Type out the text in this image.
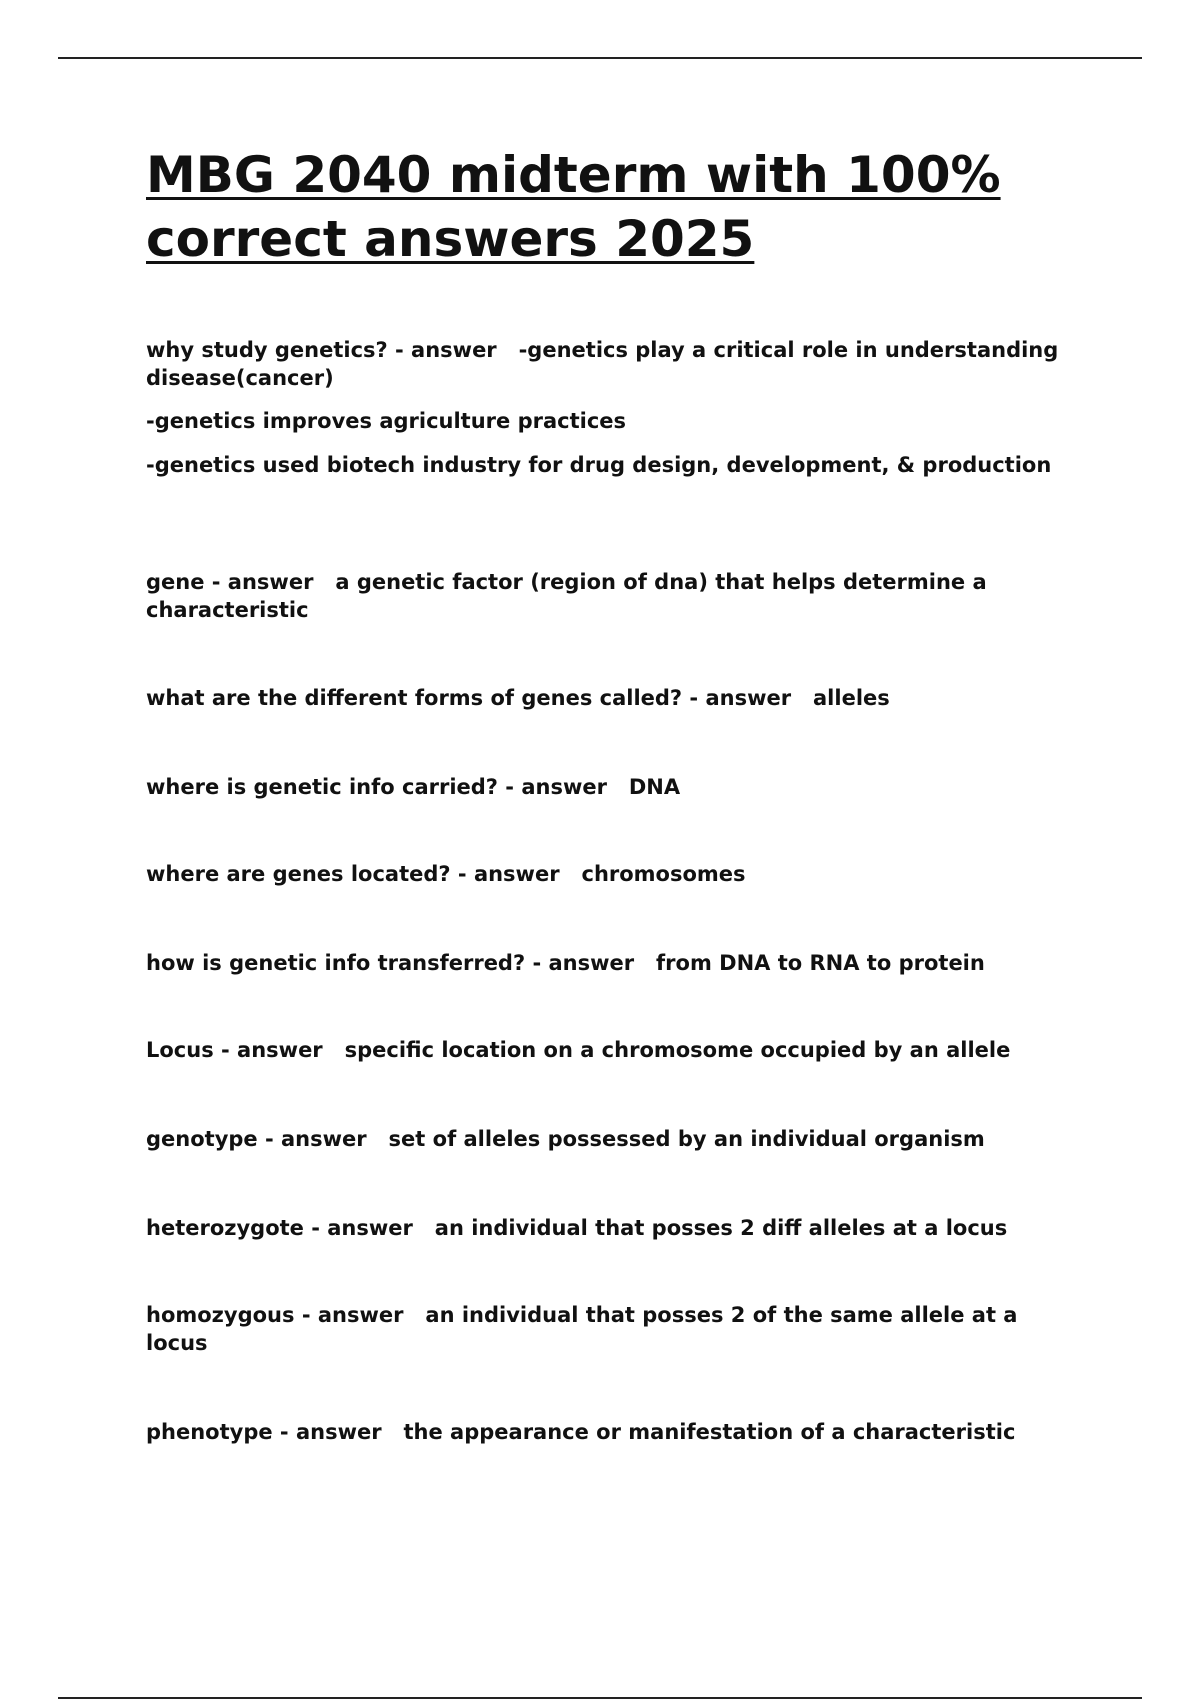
MBG 2040 midterm with 100% correct answers 2025

why study genetics? - answer   -genetics play a critical role in understanding disease(cancer)

-genetics improves agriculture practices

-genetics used biotech industry for drug design, development, & production

gene - answer   a genetic factor (region of dna) that helps determine a characteristic

what are the different forms of genes called? - answer   alleles

where is genetic info carried? - answer   DNA

where are genes located? - answer   chromosomes

how is genetic info transferred? - answer   from DNA to RNA to protein

Locus - answer   specific location on a chromosome occupied by an allele

genotype - answer   set of alleles possessed by an individual organism

heterozygote - answer   an individual that posses 2 diff alleles at a locus

homozygous - answer   an individual that posses 2 of the same allele at a locus

phenotype - answer   the appearance or manifestation of a characteristic
